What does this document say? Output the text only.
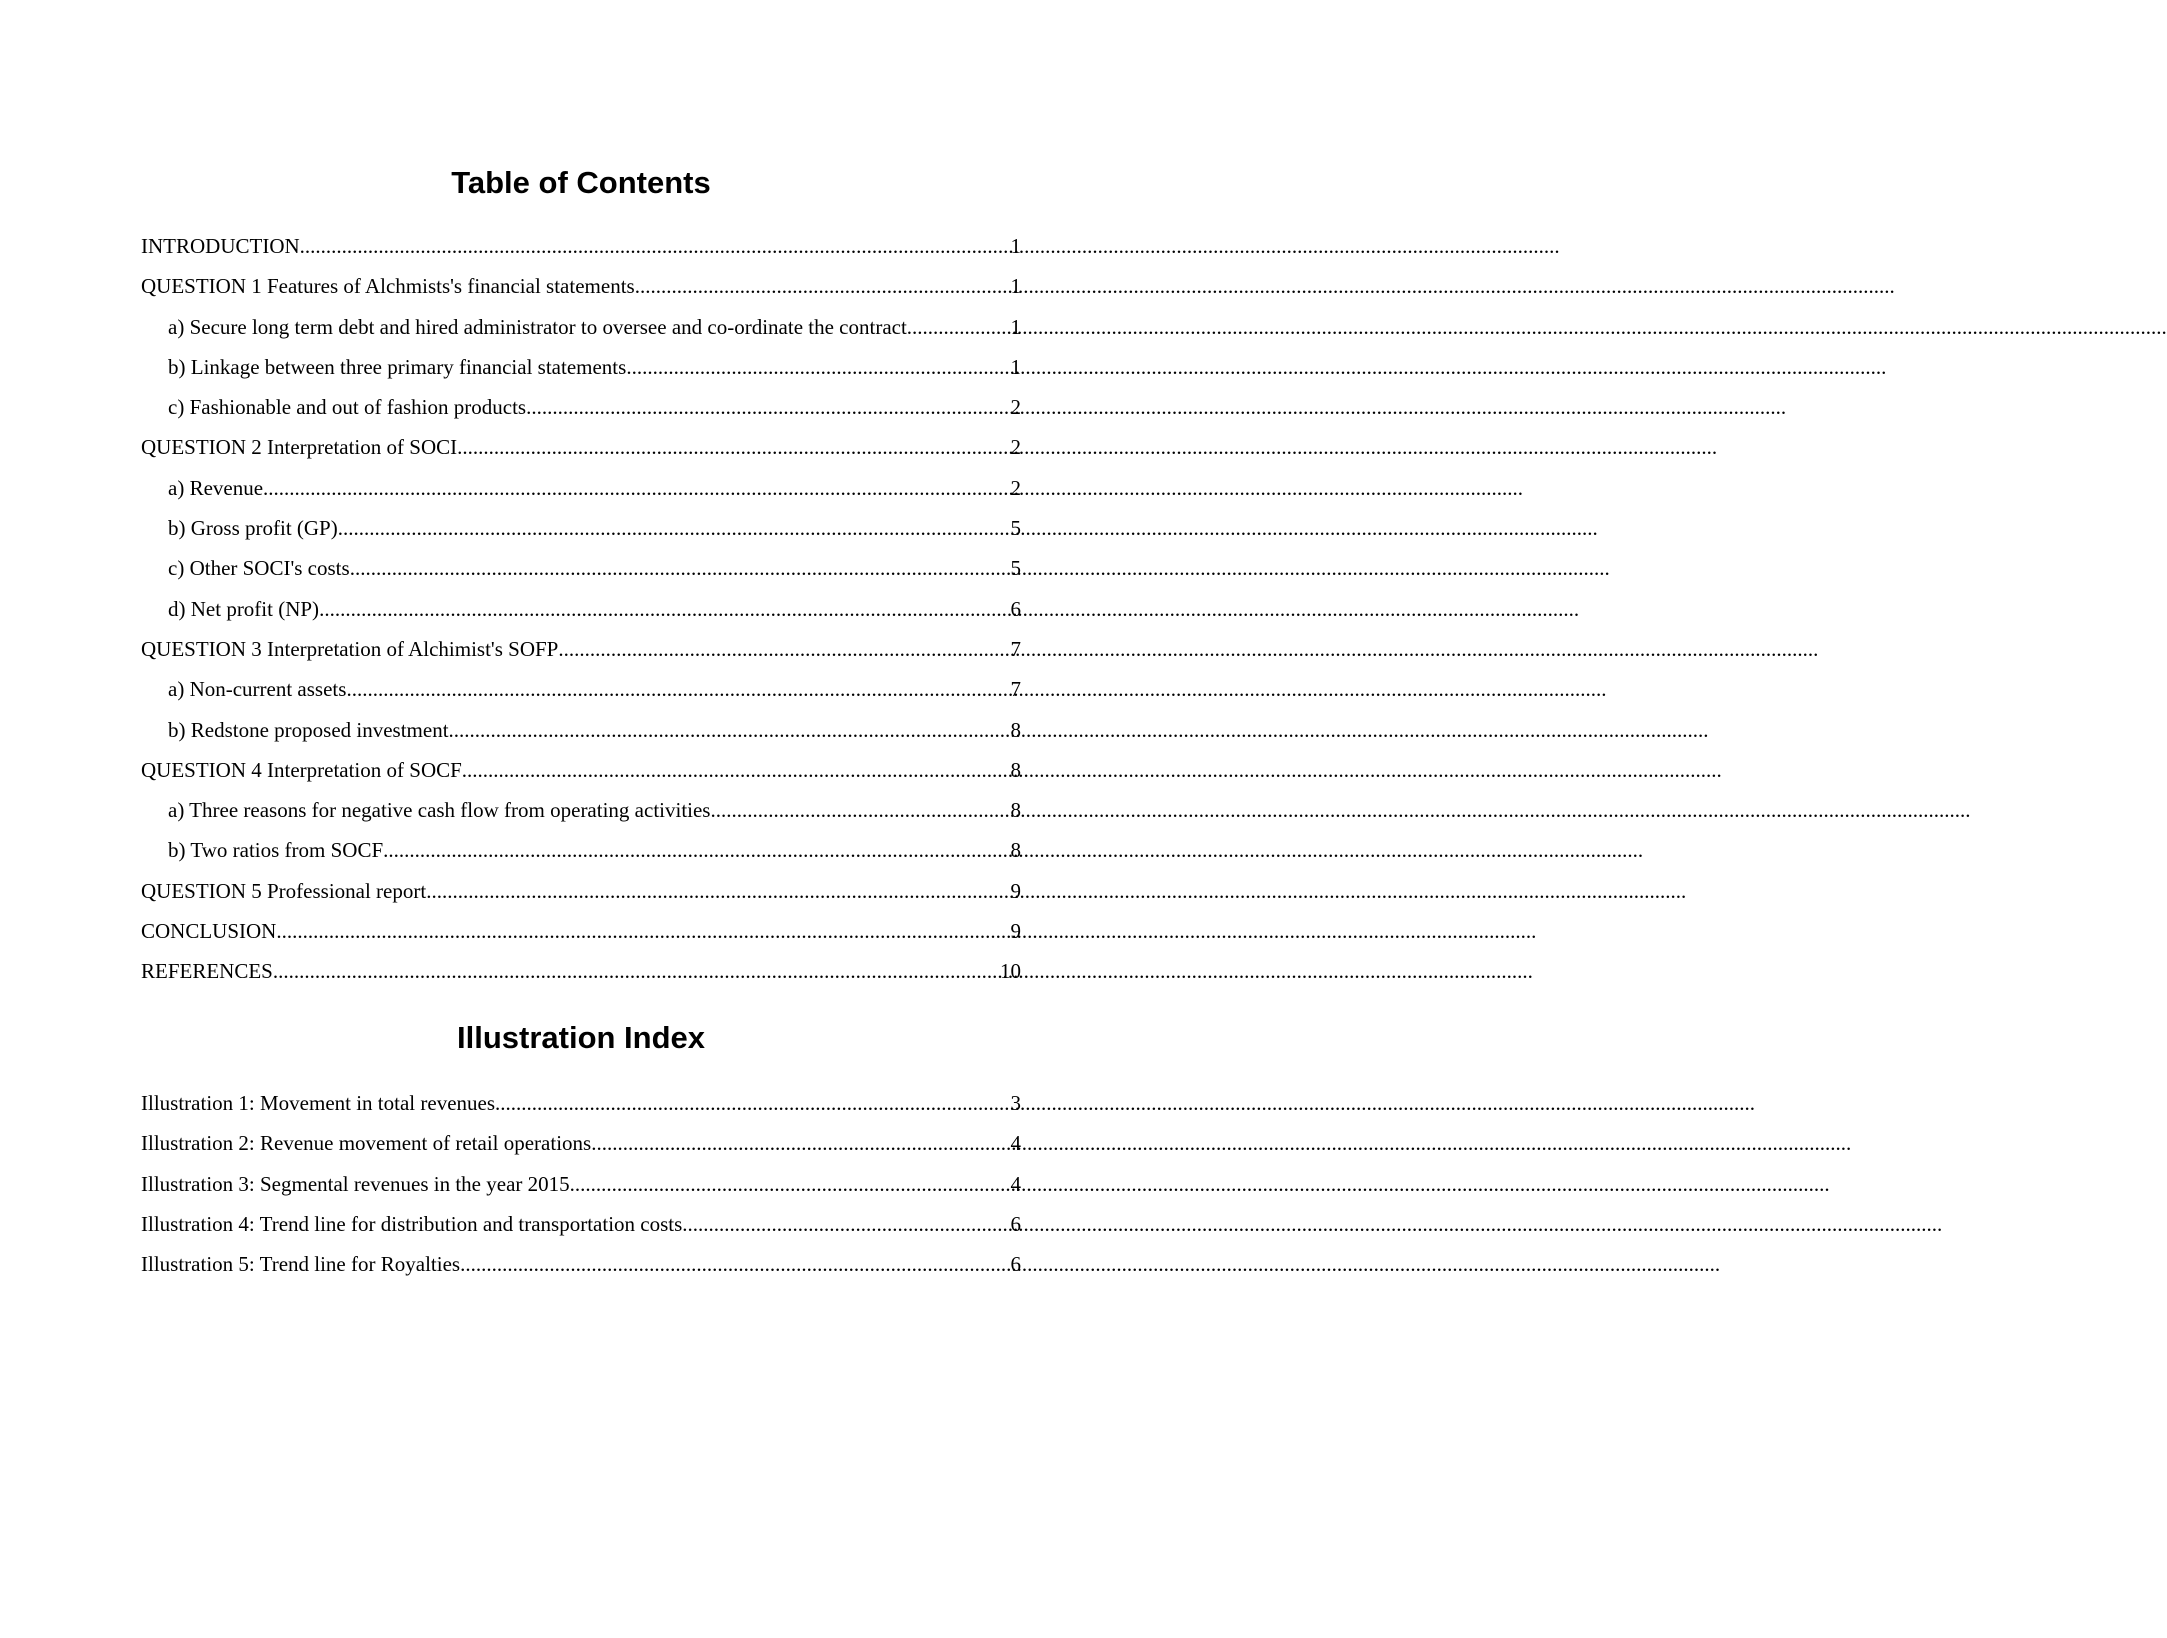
Table of Contents
INTRODUCTION .....	1
QUESTION 1 Features of Alchmists's financial statements .....	1
a) Secure long term debt and hired administrator to oversee and co-ordinate the contract .....	1
b) Linkage between three primary financial statements .....	1
c) Fashionable and out of fashion products .....	2
QUESTION 2 Interpretation of SOCI .....	2
a) Revenue .....	2
b) Gross profit (GP) .....	5
c) Other SOCI's costs .....	5
d) Net profit (NP) .....	6
QUESTION 3 Interpretation of Alchimist's SOFP .....	7
a) Non-current assets .....	7
b) Redstone proposed investment .....	8
QUESTION 4 Interpretation of SOCF .....	8
a) Three reasons for negative cash flow from operating activities .....	8
b) Two ratios from SOCF .....	8
QUESTION 5 Professional report .....	9
CONCLUSION .....	9
REFERENCES .....	10
Illustration Index
Illustration 1: Movement in total revenues .....	3
Illustration 2: Revenue movement of retail operations .....	4
Illustration 3: Segmental revenues in the year 2015 .....	4
Illustration 4: Trend line for distribution and transportation costs .....	6
Illustration 5: Trend line for Royalties .....	6
